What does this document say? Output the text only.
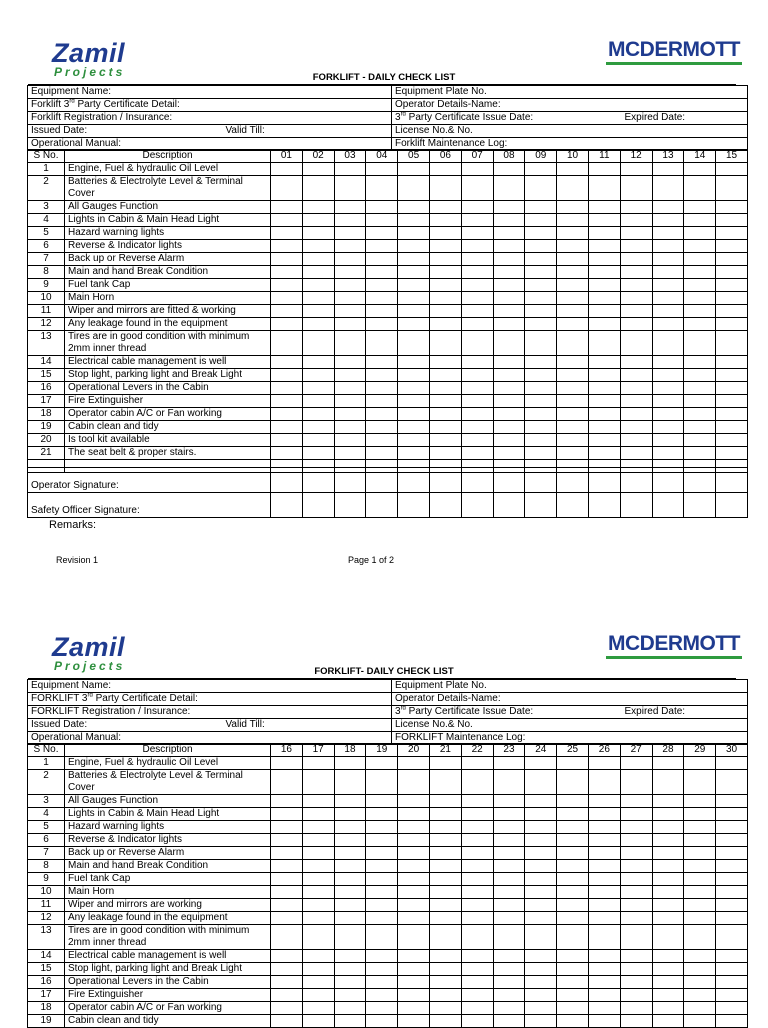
Zamil
Projects
MCDERMOTT
FORKLIFT - DAILY CHECK LIST
Equipment Name:	Equipment Plate No.
Forklift 3rd Party Certificate Detail:	Operator Details-Name:
Forklift Registration / Insurance:	3rd Party Certificate Issue Date: Expired Date:

Issued Date: Valid Till:	License No.& No.
Operational Manual:	Forklift Maintenance Log:
S No.	Description	01	02	03	04	05	06	07	08	09	10	11	12	13	14	15
1	Engine, Fuel & hydraulic Oil Level															
2	Batteries & Electrolyte Level & Terminal Cover															
3	All Gauges Function															
4	Lights in Cabin & Main Head Light															
5	Hazard warning lights															
6	Reverse & Indicator lights															
7	Back up or Reverse Alarm															
8	Main and hand Break Condition															
9	Fuel tank Cap															
10	Main Horn															
11	Wiper and mirrors are fitted & working															
12	Any leakage found in the equipment															
13	Tires are in good condition with minimum 2mm inner thread															
14	Electrical cable management is well															
15	Stop light, parking light and Break Light															
16	Operational Levers in the Cabin															
17	Fire Extinguisher															
18	Operator cabin A/C or Fan working															
19	Cabin clean and tidy															
20	Is tool kit available															
21	The seat belt & proper stairs.															

Operator Signature:															
Safety Officer Signature:															
Remarks:
Revision 1	Page 1 of 2
Zamil
Projects
MCDERMOTT
FORKLIFT- DAILY CHECK LIST
Equipment Name:	Equipment Plate No.
FORKLIFT 3rd Party Certificate Detail:	Operator Details-Name:
FORKLIFT Registration / Insurance:	3rd Party Certificate Issue Date: Expired Date:

Issued Date: Valid Till:	License No.& No.
Operational Manual:	FORKLIFT Maintenance Log:
S No.	Description	16	17	18	19	20	21	22	23	24	25	26	27	28	29	30
1	Engine, Fuel & hydraulic Oil Level															
2	Batteries & Electrolyte Level & Terminal Cover															
3	All Gauges Function															
4	Lights in Cabin & Main Head Light															
5	Hazard warning lights															
6	Reverse & Indicator lights															
7	Back up or Reverse Alarm															
8	Main and hand Break Condition															
9	Fuel tank Cap															
10	Main Horn															
11	Wiper and mirrors are working															
12	Any leakage found in the equipment															
13	Tires are in good condition with minimum 2mm inner thread															
14	Electrical cable management is well															
15	Stop light, parking light and Break Light															
16	Operational Levers in the Cabin															
17	Fire Extinguisher															
18	Operator cabin A/C or Fan working															
19	Cabin clean and tidy															
